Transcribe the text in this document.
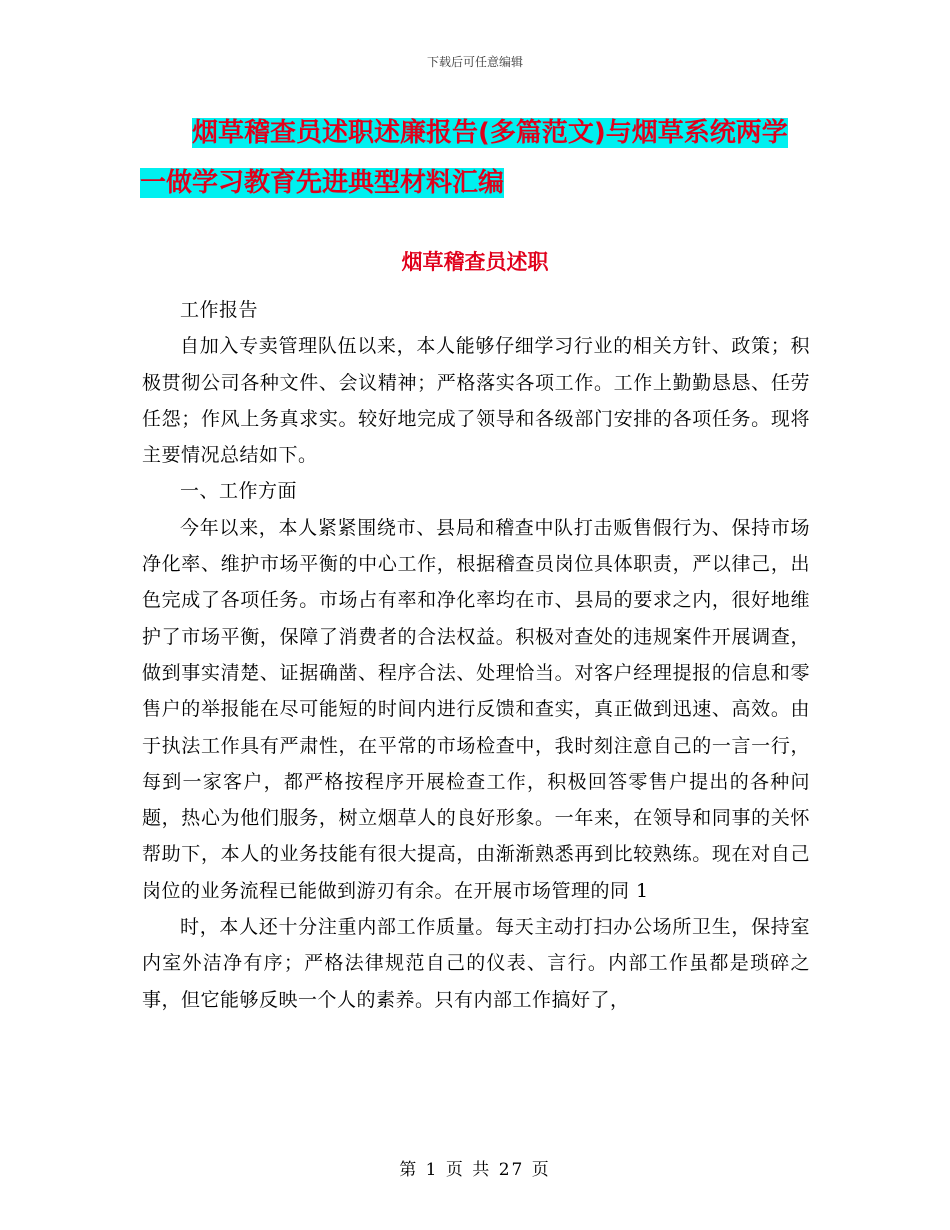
下载后可任意编辑
烟草稽查员述职述廉报告(多篇范文)与烟草系统两学
一做学习教育先进典型材料汇编
烟草稽查员述职

工作报告

自加入专卖管理队伍以来，本人能够仔细学习行业的相关方针、政策；积极贯彻公司各种文件、会议精神；严格落实各项工作。工作上勤勤恳恳、任劳任怨；作风上务真求实。较好地完成了领导和各级部门安排的各项任务。现将主要情况总结如下。

一、工作方面

今年以来，本人紧紧围绕市、县局和稽查中队打击贩售假行为、保持市场净化率、维护市场平衡的中心工作，根据稽查员岗位具体职责，严以律己，出色完成了各项任务。市场占有率和净化率均在市、县局的要求之内，很好地维护了市场平衡，保障了消费者的合法权益。积极对查处的违规案件开展调查，做到事实清楚、证据确凿、程序合法、处理恰当。对客户经理提报的信息和零售户的举报能在尽可能短的时间内进行反馈和查实，真正做到迅速、高效。由于执法工作具有严肃性，在平常的市场检查中，我时刻注意自己的一言一行，每到一家客户，都严格按程序开展检查工作，积极回答零售户提出的各种问题，热心为他们服务，树立烟草人的良好形象。一年来，在领导和同事的关怀帮助下，本人的业务技能有很大提高，由渐渐熟悉再到比较熟练。现在对自己岗位的业务流程已能做到游刃有余。在开展市场管理的同 1

时，本人还十分注重内部工作质量。每天主动打扫办公场所卫生，保持室内室外洁净有序；严格法律规范自己的仪表、言行。内部工作虽都是琐碎之事，但它能够反映一个人的素养。只有内部工作搞好了，

第 1 页 共 27 页
